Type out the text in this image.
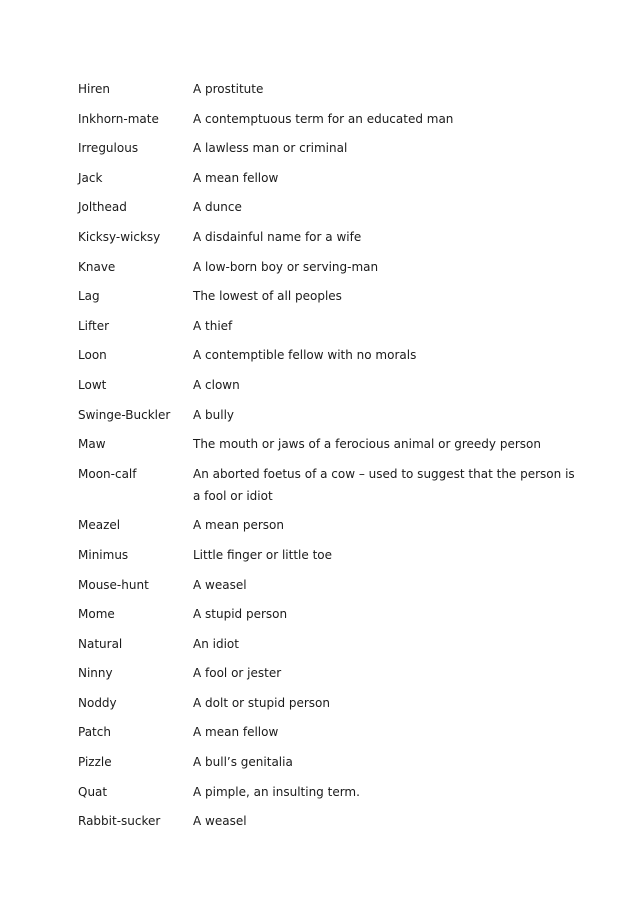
Hiren	A prostitute
Inkhorn-mate	A contemptuous term for an educated man
Irregulous	A lawless man or criminal
Jack	A mean fellow
Jolthead	A dunce
Kicksy-wicksy	A disdainful name for a wife
Knave	A low-born boy or serving-man
Lag	The lowest of all peoples
Lifter	A thief
Loon	A contemptible fellow with no morals
Lowt	A clown
Swinge-Buckler	A bully
Maw	The mouth or jaws of a ferocious animal or greedy person
Moon-calf	An aborted foetus of a cow – used to suggest that the person is a fool or idiot
Meazel	A mean person
Minimus	Little finger or little toe
Mouse-hunt	A weasel
Mome	A stupid person
Natural	An idiot
Ninny	A fool or jester
Noddy	A dolt or stupid person
Patch	A mean fellow
Pizzle	A bull’s genitalia
Quat	A pimple, an insulting term.
Rabbit-sucker	A weasel
